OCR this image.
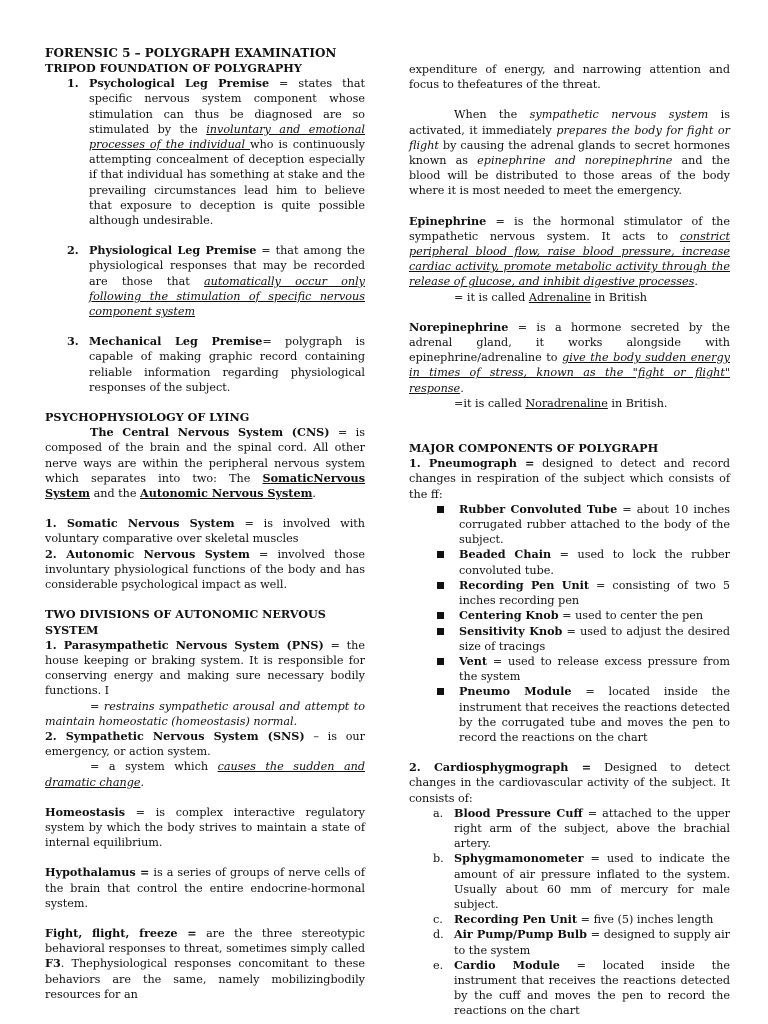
FORENSIC 5 – POLYGRAPH EXAMINATION

TRIPOD FOUNDATION OF POLYGRAPHY

1. Psychological Leg Premise = states that specific nervous system component whose stimulation can thus be diagnosed are so stimulated by the involuntary and emotional processes of the individual who is continuously attempting concealment of deception especially if that individual has something at stake and the prevailing circumstances lead him to believe that exposure to deception is quite possible although undesirable.
2. Physiological Leg Premise = that among the physiological responses that may be recorded are those that automatically occur only following the stimulation of specific nervous component system
3. Mechanical Leg Premise= polygraph is capable of making graphic record containing reliable information regarding physiological responses of the subject.

PSYCHOPHYSIOLOGY OF LYING

The Central Nervous System (CNS) = is composed of the brain and the spinal cord. All other nerve ways are within the peripheral nervous system which separates into two: The SomaticNervous System and the Autonomic Nervous System.

1. Somatic Nervous System = is involved with voluntary comparative over skeletal muscles

2. Autonomic Nervous System = involved those involuntary physiological functions of the body and has considerable psychological impact as well.

TWO DIVISIONS OF AUTONOMIC NERVOUS SYSTEM

1. Parasympathetic Nervous System (PNS) = the house keeping or braking system. It is responsible for conserving energy and making sure necessary bodily functions. I

= restrains sympathetic arousal and attempt to maintain homeostatic (homeostasis) normal.

2. Sympathetic Nervous System (SNS) – is our emergency, or action system.

= a system which causes the sudden and dramatic change.

Homeostasis = is complex interactive regulatory system by which the body strives to maintain a state of internal equilibrium.

Hypothalamus = is a series of groups of nerve cells of the brain that control the entire endocrine-hormonal system.

Fight, flight, freeze = are the three stereotypic behavioral responses to threat, sometimes simply called F3. Thephysiological responses concomitant to these behaviors are the same, namely mobilizingbodily resources for an

expenditure of energy, and narrowing attention and focus to thefeatures of the threat.

When the sympathetic nervous system is activated, it immediately prepares the body for fight or flight by causing the adrenal glands to secret hormones known as epinephrine and norepinephrine and the blood will be distributed to those areas of the body where it is most needed to meet the emergency.

Epinephrine = is the hormonal stimulator of the sympathetic nervous system. It acts to constrict peripheral blood flow, raise blood pressure, increase cardiac activity, promote metabolic activity through the release of glucose, and inhibit digestive processes.

= it is called Adrenaline in British

Norepinephrine = is a hormone secreted by the adrenal gland, it works alongside with epinephrine/adrenaline to give the body sudden energy in times of stress, known as the "fight or flight" response.

=it is called Noradrenaline in British.

MAJOR COMPONENTS OF POLYGRAPH

1. Pneumograph = designed to detect and record changes in respiration of the subject which consists of the ff:

Rubber Convoluted Tube = about 10 inches corrugated rubber attached to the body of the subject.
Beaded Chain = used to lock the rubber convoluted tube.
Recording Pen Unit = consisting of two 5 inches recording pen
Centering Knob = used to center the pen
Sensitivity Knob = used to adjust the desired size of tracings
Vent = used to release excess pressure from the system
Pneumo Module = located inside the instrument that receives the reactions detected by the corrugated tube and moves the pen to record the reactions on the chart

2. Cardiosphygmograph = Designed to detect changes in the cardiovascular activity of the subject. It consists of:

a. Blood Pressure Cuff = attached to the upper right arm of the subject, above the brachial artery.
b. Sphygmamonometer = used to indicate the amount of air pressure inflated to the system. Usually about 60 mm of mercury for male subject.
c. Recording Pen Unit = five (5) inches length
d. Air Pump/Pump Bulb = designed to supply air to the system
e. Cardio Module = located inside the instrument that receives the reactions detected by the cuff and moves the pen to record the reactions on the chart
